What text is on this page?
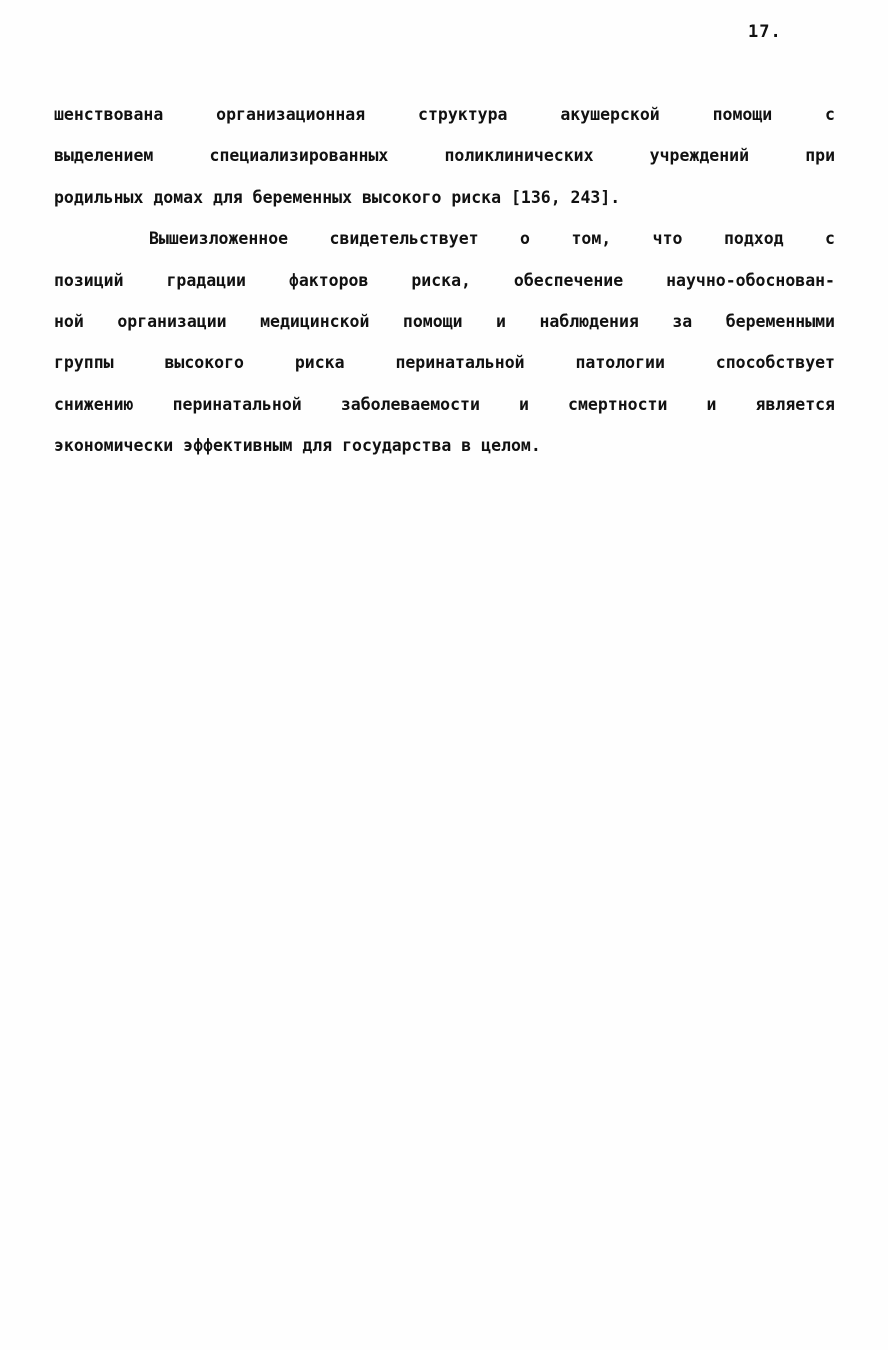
17.
шенствована организационная структура акушерской помощи с
выделением специализированных поликлинических учреждений при
родильных домах для беременных высокого риска [136, 243].
Вышеизложенное свидетельствует о том, что подход с
позиций градации факторов риска, обеспечение научно-обоснован-
ной организации медицинской помощи и наблюдения за беременными
группы высокого риска перинатальной патологии способствует
снижению перинатальной заболеваемости и смертности и является
экономически эффективным для государства в целом.
